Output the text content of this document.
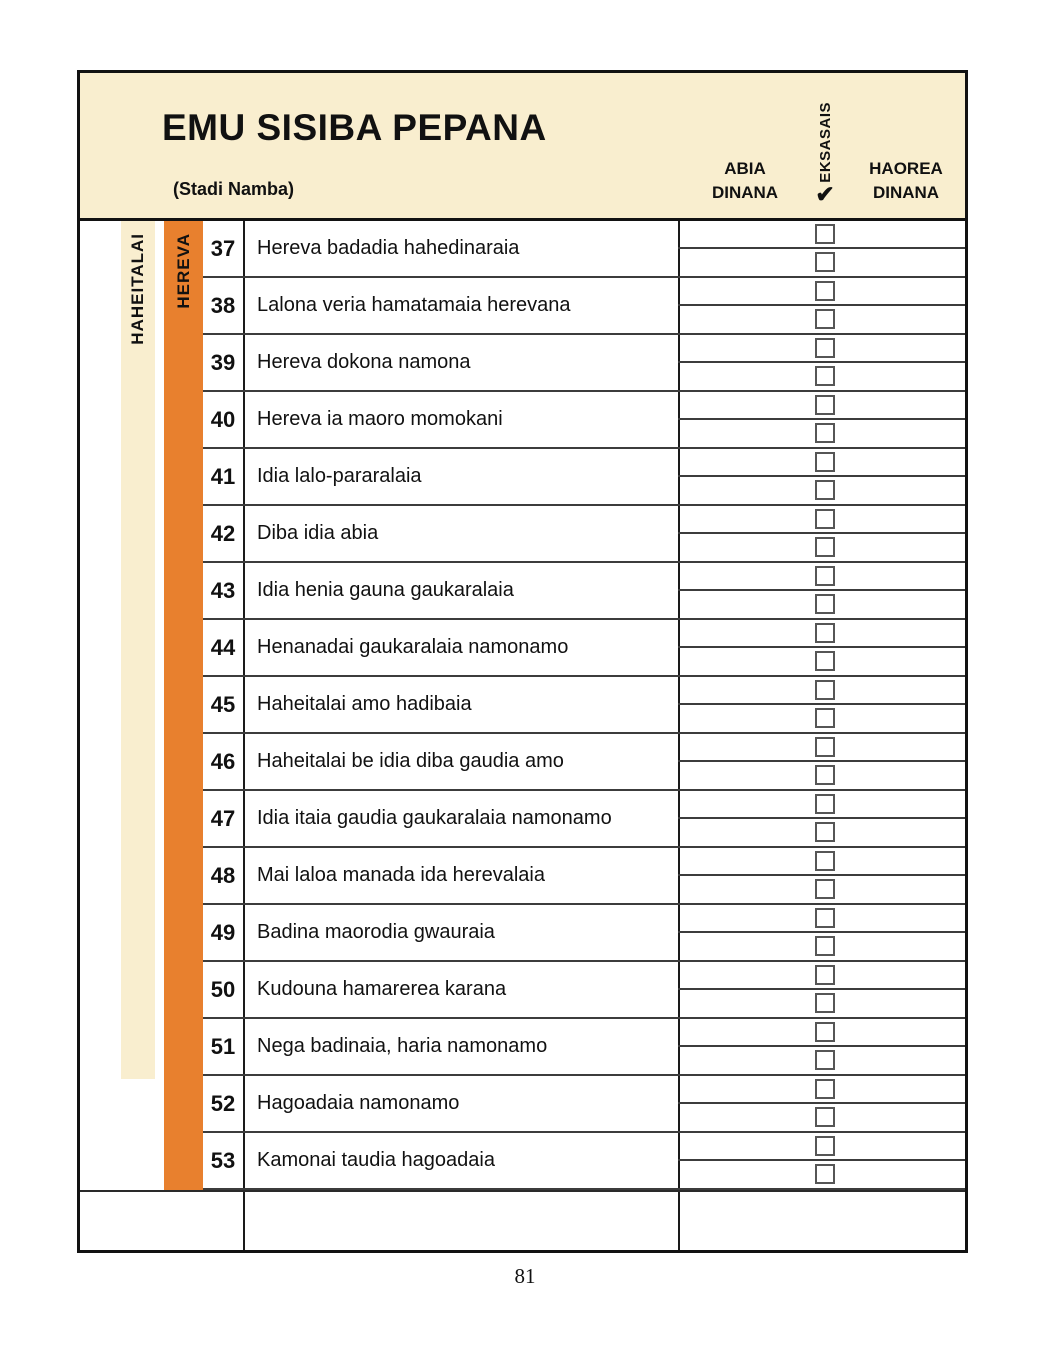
EMU SISIBA PEPANA
(Stadi Namba)
ABIA
DINANA
EKSASAIS
✔
HAOREA
DINANA
HAHEITALAI HEREVA 37	Hereva badadia hahedinaraia
38	Lalona veria hamatamaia herevana
39	Hereva dokona namona
40	Hereva ia maoro momokani
41	Idia lalo-pararalaia
42	Diba idia abia
43	Idia henia gauna gaukaralaia
44	Henanadai gaukaralaia namonamo
45	Haheitalai amo hadibaia
46	Haheitalai be idia diba gaudia amo
47	Idia itaia gaudia gaukaralaia namonamo
48	Mai laloa manada ida herevalaia
49	Badina maorodia gwauraia
50	Kudouna hamarerea karana
51	Nega badinaia, haria namonamo
52	Hagoadaia namonamo
53	Kamonai taudia hagoadaia
81
